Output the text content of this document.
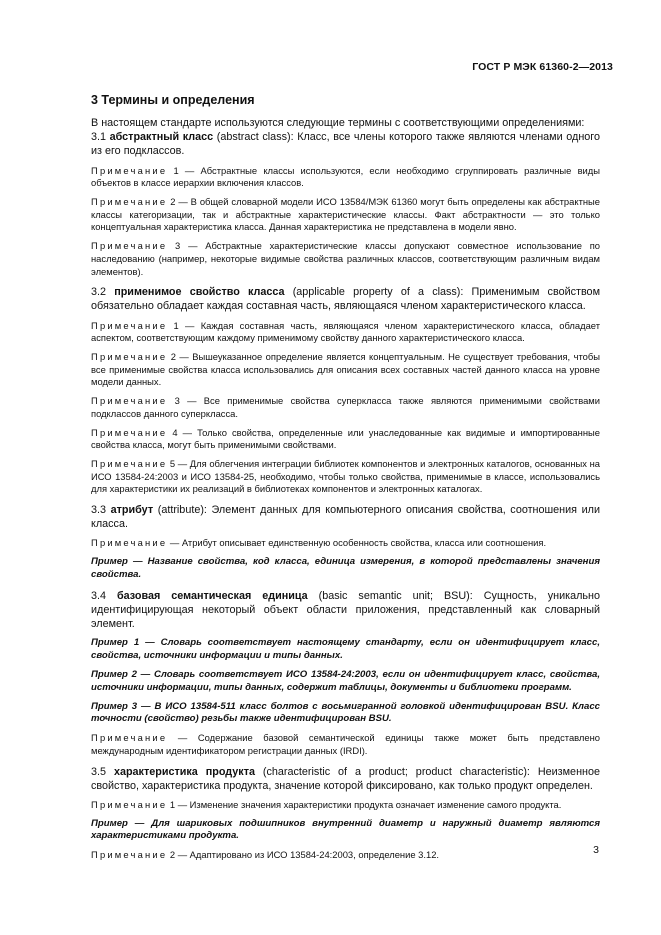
ГОСТ Р МЭК 61360-2—2013
3 Термины и определения

В настоящем стандарте используются следующие термины с соответствующими определениями:

3.1 абстрактный класс (abstract class): Класс, все члены которого также являются членами одного из его подклассов.

Примечание 1 — Абстрактные классы используются, если необходимо сгруппировать различные виды объектов в классе иерархии включения классов.

Примечание 2 — В общей словарной модели ИСО 13584/МЭК 61360 могут быть определены как абстрактные классы категоризации, так и абстрактные характеристические классы. Факт абстрактности — это только концептуальная характеристика класса. Данная характеристика не представлена в модели явно.

Примечание 3 — Абстрактные характеристические классы допускают совместное использование по наследованию (например, некоторые видимые свойства различных классов, соответствующим различным видам элементов).

3.2 применимое свойство класса (applicable property of a class): Применимым свойством обязательно обладает каждая составная часть, являющаяся членом характеристического класса.

Примечание 1 — Каждая составная часть, являющаяся членом характеристического класса, обладает аспектом, соответствующим каждому применимому свойству данного характеристического класса.

Примечание 2 — Вышеуказанное определение является концептуальным. Не существует требования, чтобы все применимые свойства класса использовались для описания всех составных частей данного класса на уровне модели данных.

Примечание 3 — Все применимые свойства суперкласса также являются применимыми свойствами подклассов данного суперкласса.

Примечание 4 — Только свойства, определенные или унаследованные как видимые и импортированные свойства класса, могут быть применимыми свойствами.

Примечание 5 — Для облегчения интеграции библиотек компонентов и электронных каталогов, основанных на ИСО 13584-24:2003 и ИСО 13584-25, необходимо, чтобы только свойства, применимые в классе, использовались для характеристики их реализаций в библиотеках компонентов и электронных каталогах.

3.3 атрибут (attribute): Элемент данных для компьютерного описания свойства, соотношения или класса.

Примечание — Атрибут описывает единственную особенность свойства, класса или соотношения.

Пример — Название свойства, код класса, единица измерения, в которой представлены значения свойства.

3.4 базовая семантическая единица (basic semantic unit; BSU): Сущность, уникально идентифицирующая некоторый объект области приложения, представленный как словарный элемент.

Пример 1 — Словарь соответствует настоящему стандарту, если он идентифицирует класс, свойства, источники информации и типы данных.

Пример 2 — Словарь соответствует ИСО 13584-24:2003, если он идентифицирует класс, свойства, источники информации, типы данных, содержит таблицы, документы и библиотеки программ.

Пример 3 — В ИСО 13584-511 класс болтов с восьмигранной головкой идентифицирован BSU. Класс точности (свойство) резьбы также идентифицирован BSU.

Примечание — Содержание базовой семантической единицы также может быть представлено международным идентификатором регистрации данных (IRDI).

3.5 характеристика продукта (characteristic of a product; product characteristic): Неизменное свойство, характеристика продукта, значение которой фиксировано, как только продукт определен.

Примечание 1 — Изменение значения характеристики продукта означает изменение самого продукта.

Пример — Для шариковых подшипников внутренний диаметр и наружный диаметр являются характеристиками продукта.

Примечание 2 — Адаптировано из ИСО 13584-24:2003, определение 3.12.	3
